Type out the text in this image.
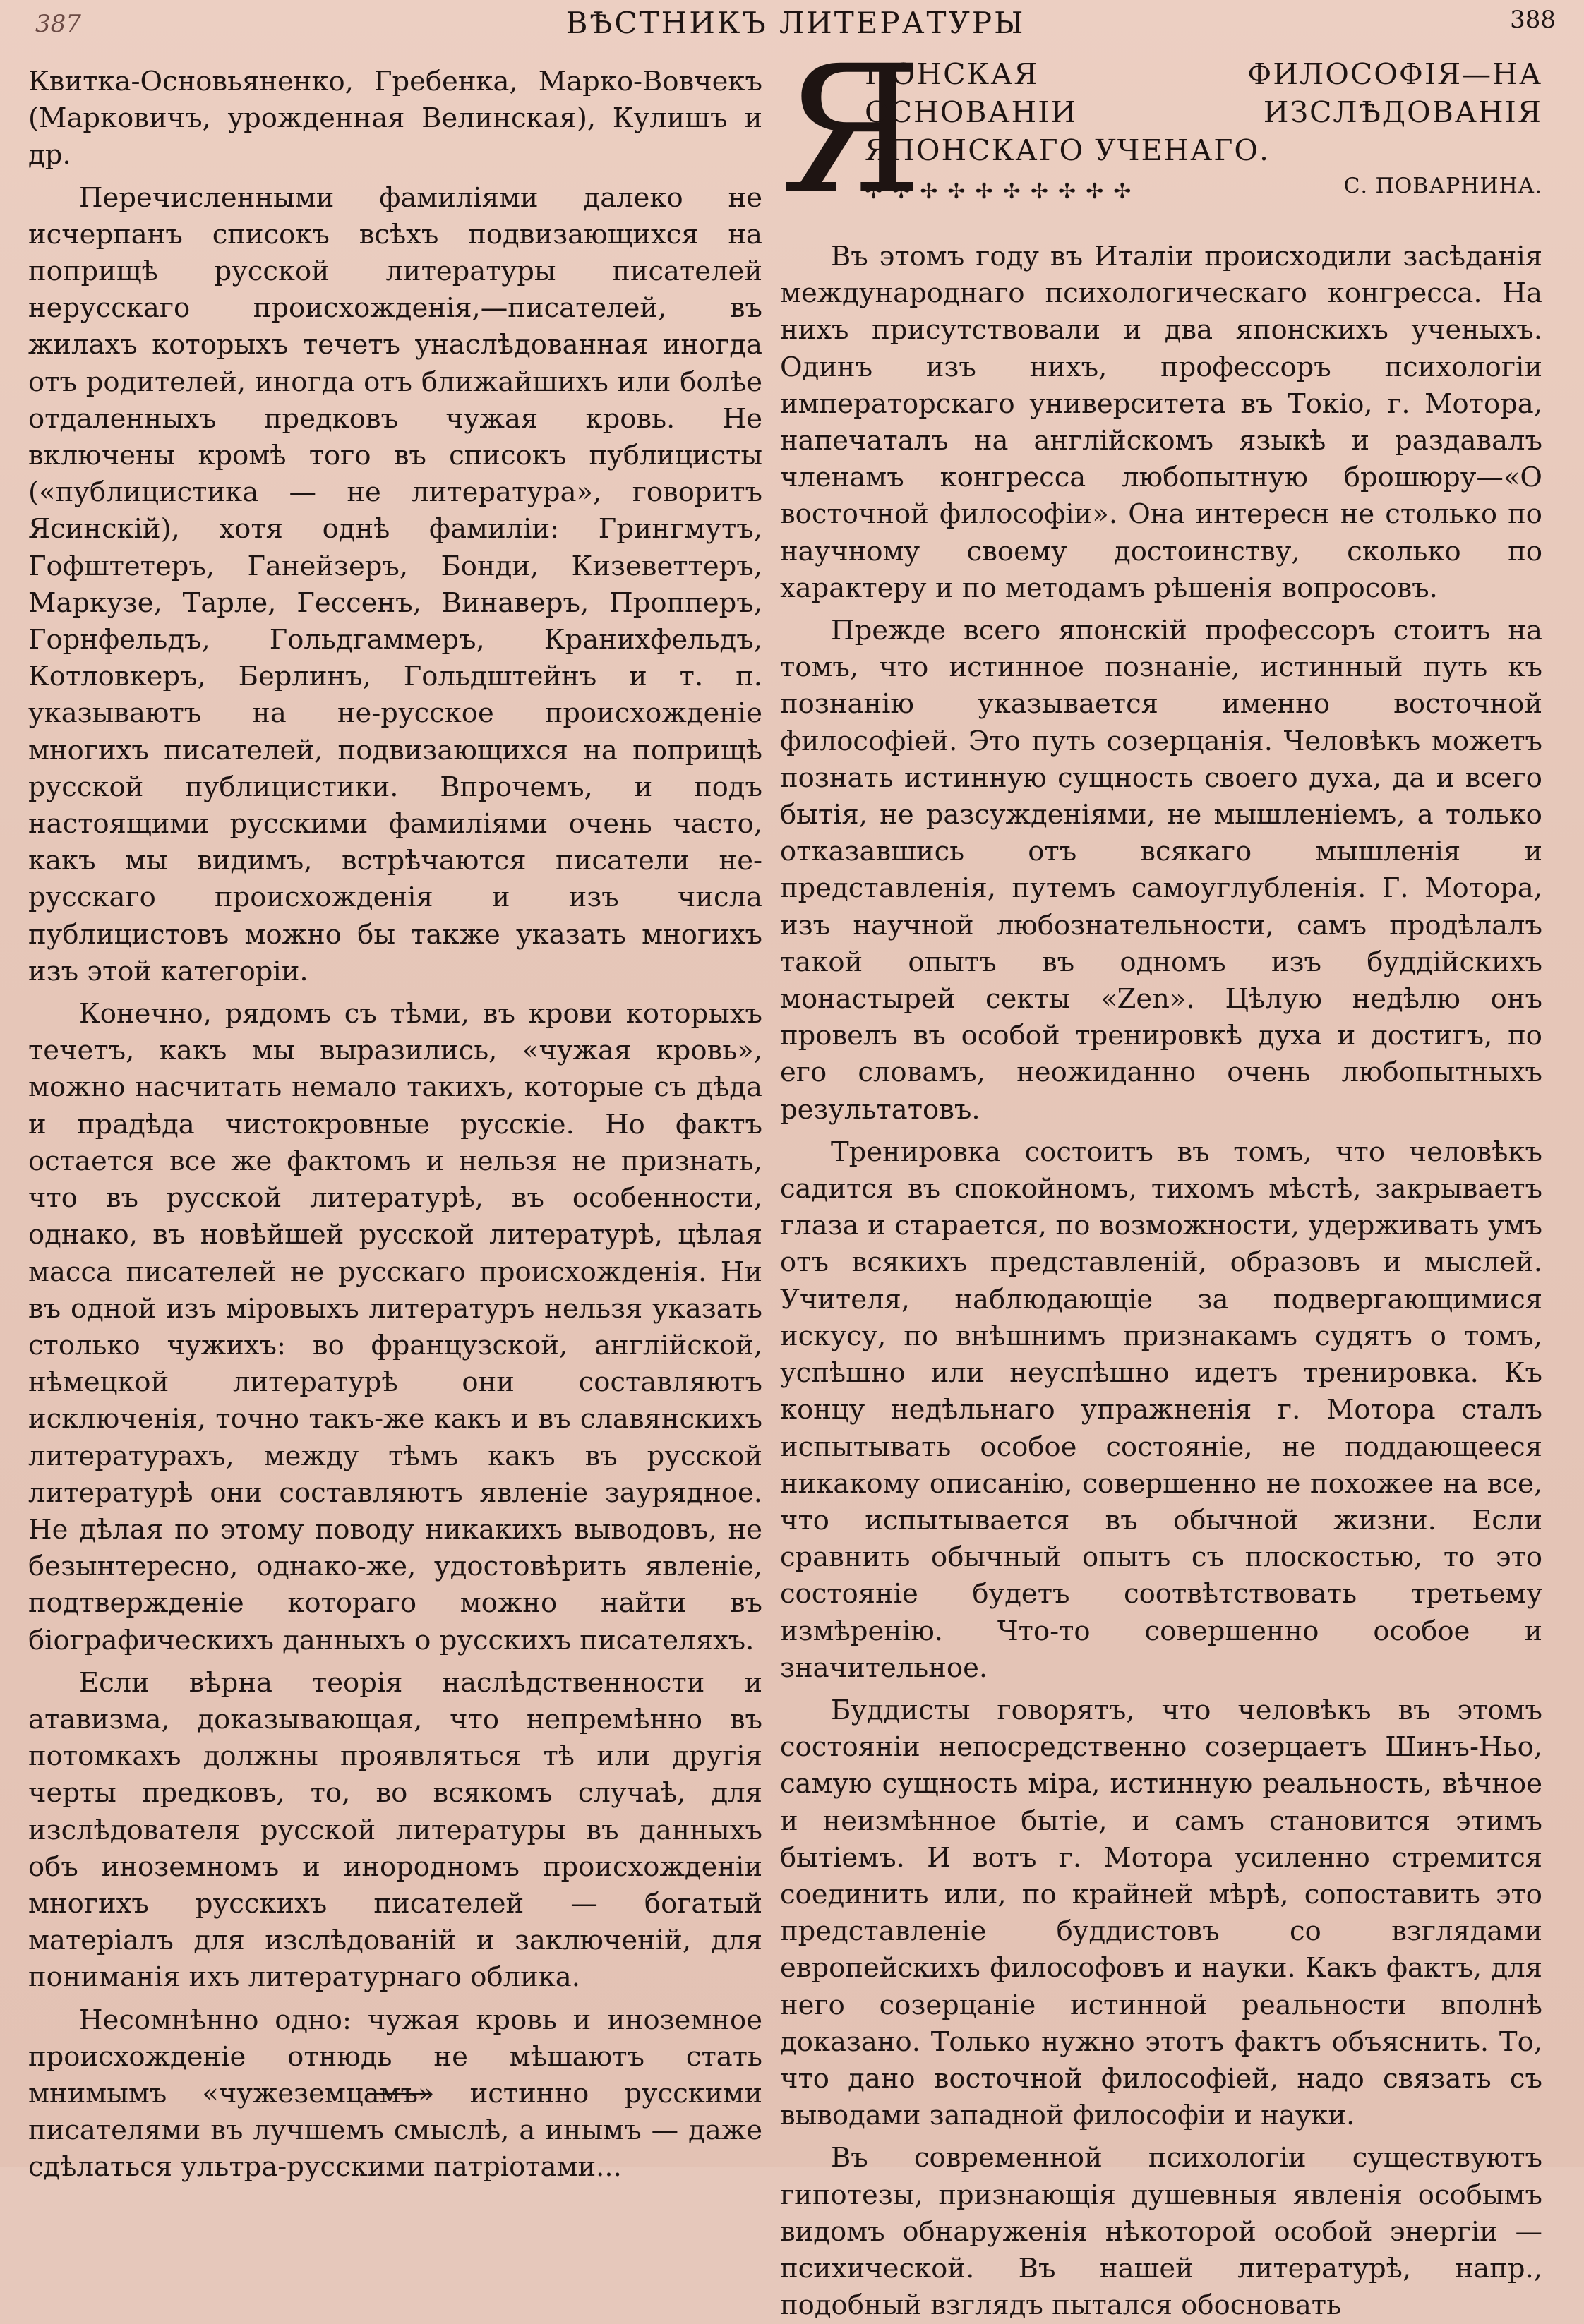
387	ВѢСТНИКЪ ЛИТЕРАТУРЫ	388

Квитка-Основьяненко, Гребенка, Марко-Вовчекъ (Марковичъ, урожденная Велинская), Кулишъ и др.

Перечисленными фамиліями далеко не исчерпанъ списокъ всѣхъ подвизающихся на поприщѣ русской литературы писателей нерусскаго происхожденія,—писателей, въ жилахъ которыхъ течетъ унаслѣдованная иногда отъ родителей, иногда отъ ближайшихъ или болѣе отдаленныхъ предковъ чужая кровь. Не включены кромѣ того въ списокъ публицисты («публицистика — не литература», говоритъ Ясинскій), хотя однѣ фамиліи: Грингмутъ, Гофштетеръ, Ганейзеръ, Бонди, Кизеветтеръ, Маркузе, Тарле, Гессенъ, Винаверъ, Проппeръ, Горнфельдъ, Гольдгаммеръ, Кранихфельдъ, Котловкеръ, Берлинъ, Гольдштейнъ и т. п. указываютъ на не-русское происхожденіе многихъ писателей, подвизающихся на поприщѣ русской публицистики. Впрочемъ, и подъ настоящими русскими фамиліями очень часто, какъ мы видимъ, встрѣчаются писатели не-русскаго происхожденія и изъ числа публицистовъ можно бы также указать многихъ изъ этой категоріи.

Конечно, рядомъ съ тѣми, въ крови которыхъ течетъ, какъ мы выразились, «чужая кровь», можно насчитать немало такихъ, которые съ дѣда и прадѣда чистокровные русскіе. Но фактъ остается все же фактомъ и нельзя не признать, что въ русской литературѣ, въ особенности, однако, въ новѣйшей русской литературѣ, цѣлая масса писателей не русскаго происхожденія. Ни въ одной изъ міровыхъ литературъ нельзя указать столько чужихъ: во французской, англійской, нѣмецкой литературѣ они составляютъ исключенія, точно такъ-же какъ и въ славянскихъ литературахъ, между тѣмъ какъ въ русской литературѣ они составляютъ явленіе заурядное. Не дѣлая по этому поводу никакихъ выводовъ, не безынтересно, однако-же, удостовѣрить явленіе, подтвержденіе котораго можно найти въ біографическихъ данныхъ о русскихъ писателяхъ.

Если вѣрна теорія наслѣдственности и атавизма, доказывающая, что непремѣнно въ потомкахъ должны проявляться тѣ или другія черты предковъ, то, во всякомъ случаѣ, для изслѣдователя русской литературы въ данныхъ объ иноземномъ и инородномъ происхожденіи многихъ русскихъ писателей — богатый матеріалъ для изслѣдованій и заключеній, для пониманія ихъ литературнаго облика.

Несомнѣнно одно: чужая кровь и иноземное происхожденіе отнюдь не мѣшаютъ стать мнимымъ «чужеземцамъ» истинно русскими писателями въ лучшемъ смыслѣ, а инымъ — даже сдѣлаться ультра-русскими патріотами...

Я
ПОНСКАЯ ФИЛОСОФІЯ—НА ОСНОВАНІИ ИЗСЛѢДОВАНІЯ ЯПОНСКАГО УЧЕНАГО.
✢✢✢✢✢✢✢✢✢✢	С. ПОВАРНИНА.

Въ этомъ году въ Италіи происходили засѣданія международнаго психологическаго конгресса. На нихъ присутствовали и два японскихъ ученыхъ. Одинъ изъ нихъ, профессоръ психологіи императорскаго университета въ Токіо, г. Мотора, напечаталъ на англійскомъ языкѣ и раздавалъ членамъ конгресса любопытную брошюру—«О восточной философіи». Она интересн не столько по научному своему достоинству, сколько по характеру и по методамъ рѣшенія вопросовъ.

Прежде всего японскій профессоръ стоитъ на томъ, что истинное познаніе, истинный путь къ познанію указывается именно восточной философіей. Это путь созерцанія. Человѣкъ можетъ познать истинную сущность своего духа, да и всего бытія, не разсужденіями, не мышленіемъ, а только отказавшись отъ всякаго мышленія и представленія, путемъ самоуглубленія. Г. Мотора, изъ научной любознательности, самъ продѣлалъ такой опытъ въ одномъ изъ буддійскихъ монастырей секты «Zen». Цѣлую недѣлю онъ провелъ въ особой тренировкѣ духа и достигъ, по его словамъ, неожиданно очень любопытныхъ результатовъ.

Тренировка состоитъ въ томъ, что человѣкъ садится въ спокойномъ, тихомъ мѣстѣ, закрываетъ глаза и старается, по возможности, удерживать умъ отъ всякихъ представленій, образовъ и мыслей. Учителя, наблюдающіе за подвергающимися искусу, по внѣшнимъ признакамъ судятъ о томъ, успѣшно или неуспѣшно идетъ тренировка. Къ концу недѣльнаго упражненія г. Мотора сталъ испытывать особое состояніе, не поддающееся никакому описанію, совершенно не похожее на все, что испытывается въ обычной жизни. Если сравнить обычный опытъ съ плоскостью, то это состояніе будетъ соотвѣтствовать третьему измѣренію. Что-то совершенно особое и значительное.

Буддисты говорятъ, что человѣкъ въ этомъ состояніи непосредственно созерцаетъ Шинъ-Ньо, самую сущность міра, истинную реальность, вѣчное и неизмѣнное бытіе, и самъ становится этимъ бытіемъ. И вотъ г. Мотора усиленно стремится соединить или, по крайней мѣрѣ, сопоставить это представленіе буддистовъ со взглядами европейскихъ философовъ и науки. Какъ фактъ, для него созерцаніе истинной реальности вполнѣ доказано. Только нужно этотъ фактъ объяснить. То, что дано восточной философіей, надо связать съ выводами западной философіи и науки.

Въ современной психологіи существуютъ гипотезы, признающія душевныя явленія особымъ видомъ обнаруженія нѣкоторой особой энергіи — психической. Въ нашей литературѣ, напр., подобный взглядъ пытался обосновать
